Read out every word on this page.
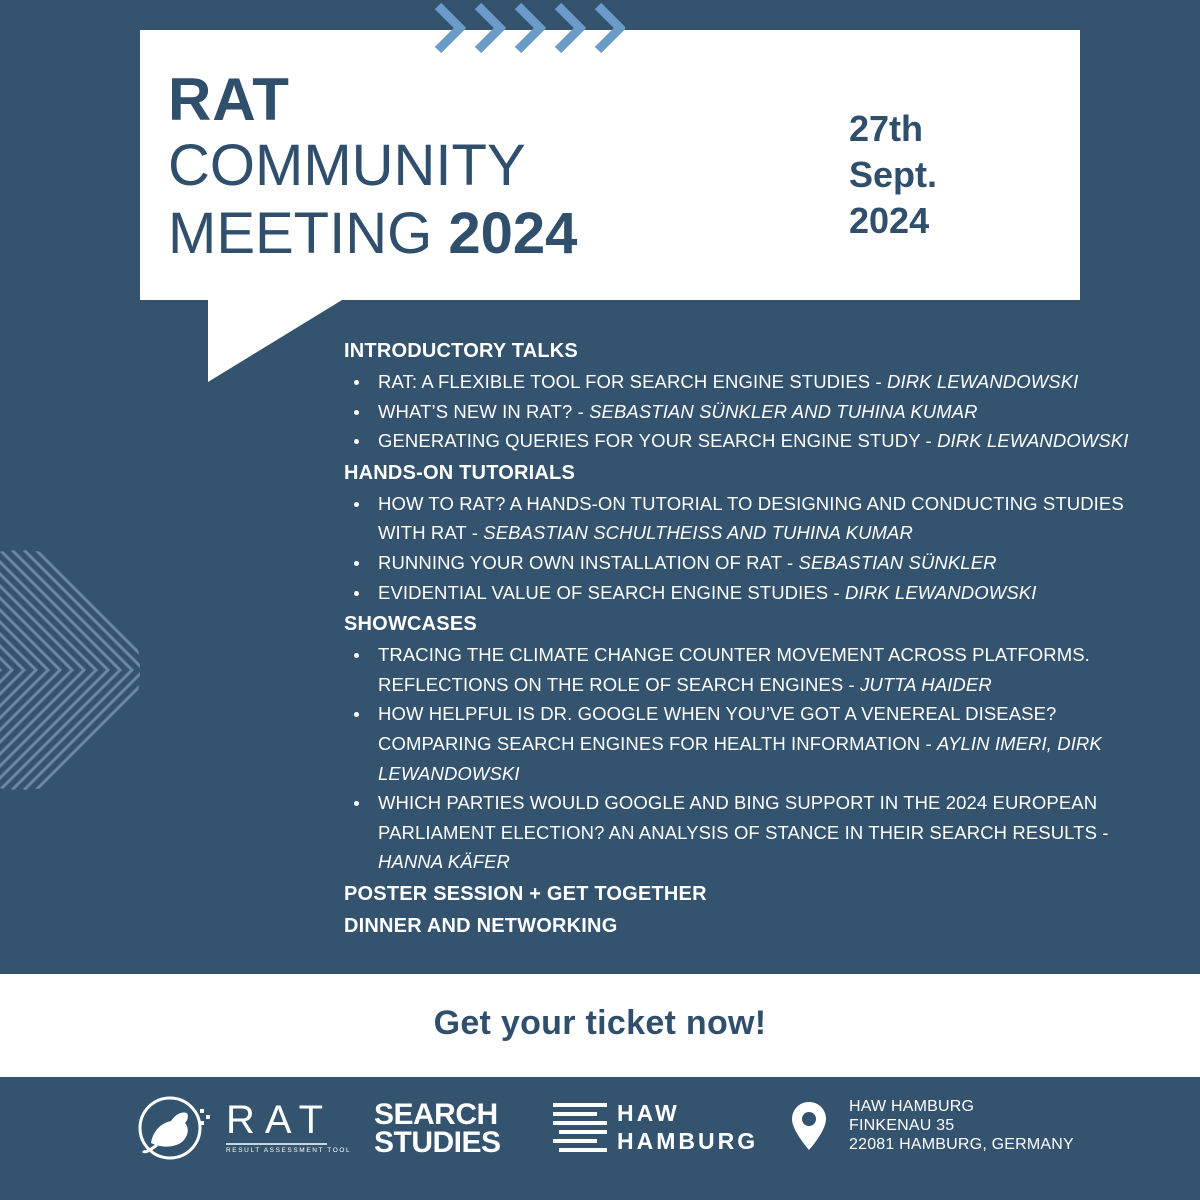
RAT
COMMUNITY
MEETING 2024
27th
Sept.
2024
INTRODUCTORY TALKS
RAT: A FLEXIBLE TOOL FOR SEARCH ENGINE STUDIES - DIRK LEWANDOWSKI
WHAT’S NEW IN RAT? - SEBASTIAN SÜNKLER AND TUHINA KUMAR
GENERATING QUERIES FOR YOUR SEARCH ENGINE STUDY - DIRK LEWANDOWSKI
HANDS-ON TUTORIALS
HOW TO RAT? A HANDS-ON TUTORIAL TO DESIGNING AND CONDUCTING STUDIES WITH RAT - SEBASTIAN SCHULTHEISS AND TUHINA KUMAR
RUNNING YOUR OWN INSTALLATION OF RAT - SEBASTIAN SÜNKLER
EVIDENTIAL VALUE OF SEARCH ENGINE STUDIES - DIRK LEWANDOWSKI
SHOWCASES
TRACING THE CLIMATE CHANGE COUNTER MOVEMENT ACROSS PLATFORMS. REFLECTIONS ON THE ROLE OF SEARCH ENGINES - JUTTA HAIDER
HOW HELPFUL IS DR. GOOGLE WHEN YOU’VE GOT A VENEREAL DISEASE? COMPARING SEARCH ENGINES FOR HEALTH INFORMATION - AYLIN IMERI, DIRK LEWANDOWSKI
WHICH PARTIES WOULD GOOGLE AND BING SUPPORT IN THE 2024 EUROPEAN PARLIAMENT ELECTION? AN ANALYSIS OF STANCE IN THEIR SEARCH RESULTS - HANNA KÄFER
POSTER SESSION + GET TOGETHER
DINNER AND NETWORKING
Get your ticket now!
RAT
RESULT ASSESSMENT TOOL
SEARCH
STUDIES
HAW
HAMBURG
HAW HAMBURG
FINKENAU 35
22081 HAMBURG, GERMANY
